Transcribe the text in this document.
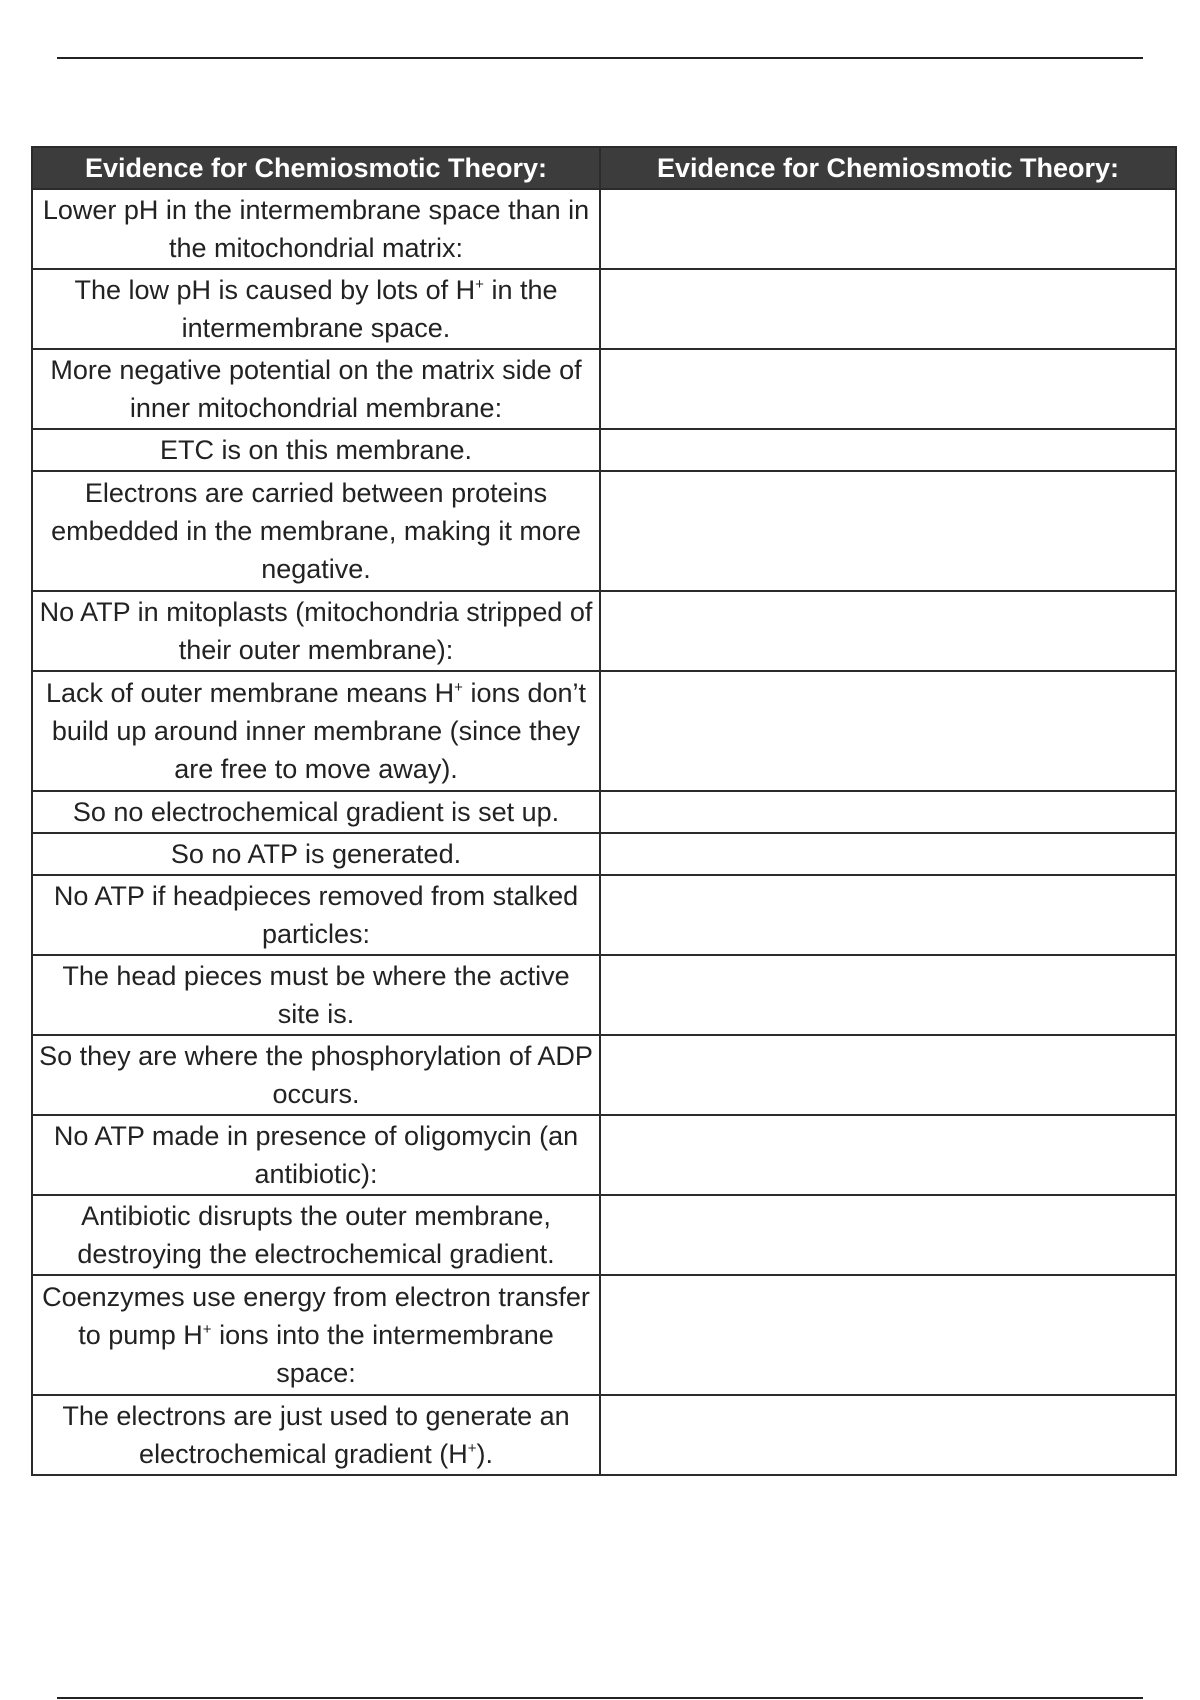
Evidence for Chemiosmotic Theory:	Evidence for Chemiosmotic Theory:
Lower pH in the intermembrane space than in the mitochondrial matrix:	
The low pH is caused by lots of H+ in the intermembrane space.	
More negative potential on the matrix side of inner mitochondrial membrane:	
ETC is on this membrane.	
Electrons are carried between proteins embedded in the membrane, making it more negative.	
No ATP in mitoplasts (mitochondria stripped of their outer membrane):	
Lack of outer membrane means H+ ions don’t build up around inner membrane (since they are free to move away).	
So no electrochemical gradient is set up.	
So no ATP is generated.	
No ATP if headpieces removed from stalked particles:	
The head pieces must be where the active site is.	
So they are where the phosphorylation of ADP occurs.	
No ATP made in presence of oligomycin (an antibiotic):	
Antibiotic disrupts the outer membrane, destroying the electrochemical gradient.	
Coenzymes use energy from electron transfer to pump H+ ions into the intermembrane space:	
The electrons are just used to generate an electrochemical gradient (H+).	
